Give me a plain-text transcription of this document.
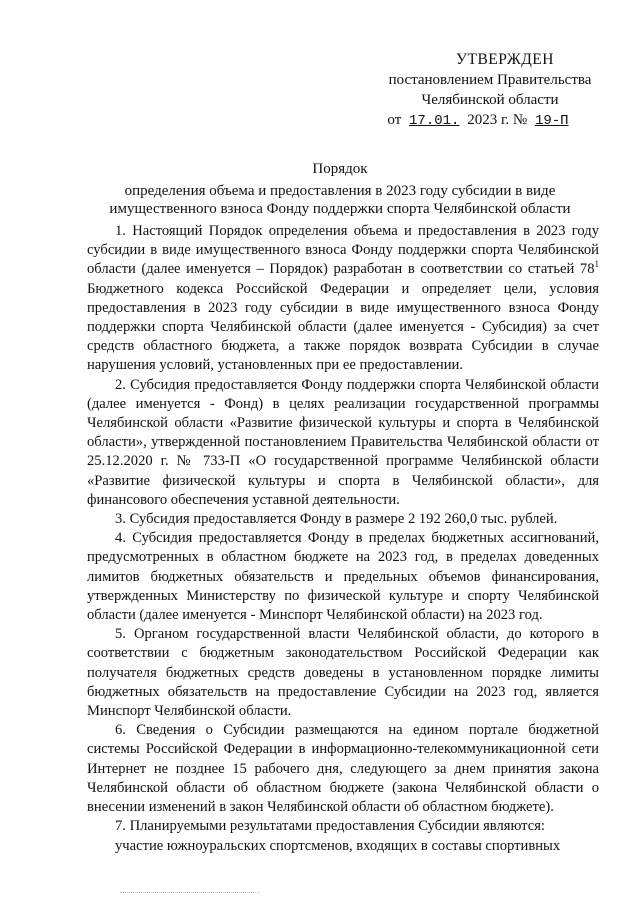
УТВЕРЖДЕН
постановлением Правительства
Челябинской области
от 17.01. 2023 г. № 19-П
Порядок
определения объема и предоставления в 2023 году субсидии в виде
имущественного взноса Фонду поддержки спорта Челябинской области

1. Настоящий Порядок определения объема и предоставления в 2023 году субсидии в виде имущественного взноса Фонду поддержки спорта Челябинской области (далее именуется – Порядок) разработан в соответствии со статьей $78^1$ Бюджетного кодекса Российской Федерации и определяет цели, условия предоставления в 2023 году субсидии в виде имущественного взноса Фонду поддержки спорта Челябинской области (далее именуется - Субсидия) за счет средств областного бюджета, а также порядок возврата Субсидии в случае нарушения условий, установленных при ее предоставлении.

2. Субсидия предоставляется Фонду поддержки спорта Челябинской области (далее именуется - Фонд) в целях реализации государственной программы Челябинской области «Развитие физической культуры и спорта в Челябинской области», утвержденной постановлением Правительства Челябинской области от 25.12.2020 г. № 733-П «О государственной программе Челябинской области «Развитие физической культуры и спорта в Челябинской области», для финансового обеспечения уставной деятельности.

3. Субсидия предоставляется Фонду в размере 2 192 260,0 тыс. рублей.

4. Субсидия предоставляется Фонду в пределах бюджетных ассигнований, предусмотренных в областном бюджете на 2023 год, в пределах доведенных лимитов бюджетных обязательств и предельных объемов финансирования, утвержденных Министерству по физической культуре и спорту Челябинской области (далее именуется - Минспорт Челябинской области) на 2023 год.

5. Органом государственной власти Челябинской области, до которого в соответствии с бюджетным законодательством Российской Федерации как получателя бюджетных средств доведены в установленном порядке лимиты бюджетных обязательств на предоставление Субсидии на 2023 год, является Минспорт Челябинской области.

6. Сведения о Субсидии размещаются на едином портале бюджетной системы Российской Федерации в информационно-телекоммуникационной сети Интернет не позднее 15 рабочего дня, следующего за днем принятия закона Челябинской области об областном бюджете (закона Челябинской области о внесении изменений в закон Челябинской области об областном бюджете).

7. Планируемыми результатами предоставления Субсидии являются:

участие южноуральских спортсменов, входящих в составы спортивных
